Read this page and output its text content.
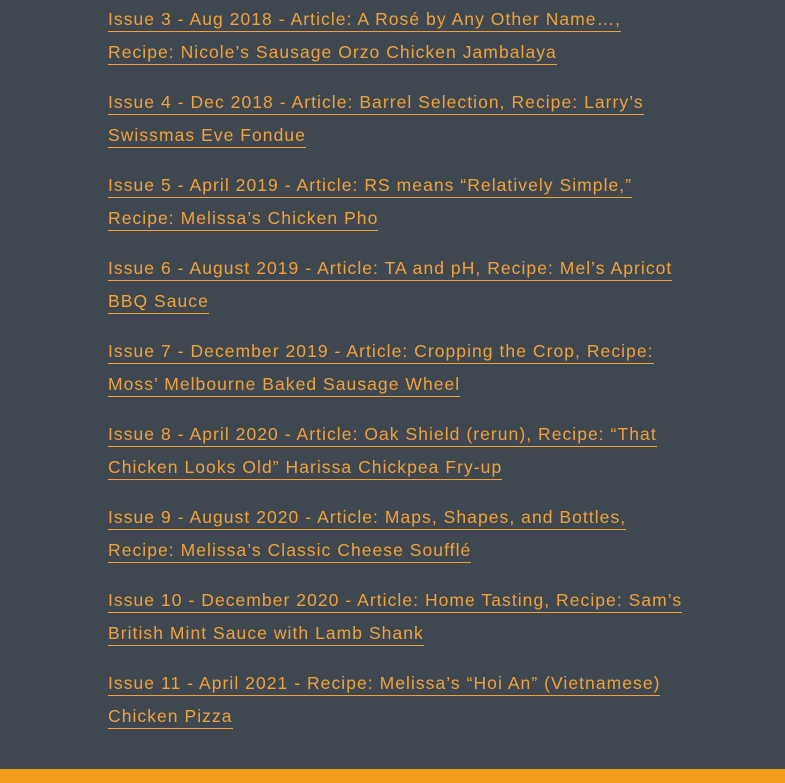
Issue 3 - Aug 2018 - Article: A Rosé by Any Other Name…, Recipe: Nicole’s Sausage Orzo Chicken Jambalaya
Issue 4 - Dec 2018 - Article: Barrel Selection, Recipe: Larry’s Swissmas Eve Fondue
Issue 5 - April 2019 - Article: RS means “Relatively Simple,” Recipe: Melissa’s Chicken Pho
Issue 6 - August 2019 - Article: TA and pH, Recipe: Mel’s Apricot BBQ Sauce
Issue 7 - December 2019 - Article: Cropping the Crop, Recipe: Moss’ Melbourne Baked Sausage Wheel
Issue 8 - April 2020 - Article: Oak Shield (rerun), Recipe: “That Chicken Looks Old” Harissa Chickpea Fry-up
Issue 9 - August 2020 - Article: Maps, Shapes, and Bottles, Recipe: Melissa’s Classic Cheese Soufflé
Issue 10 - December 2020 - Article: Home Tasting, Recipe: Sam’s British Mint Sauce with Lamb Shank
Issue 11 - April 2021 - Recipe: Melissa’s “Hoi An” (Vietnamese) Chicken Pizza
